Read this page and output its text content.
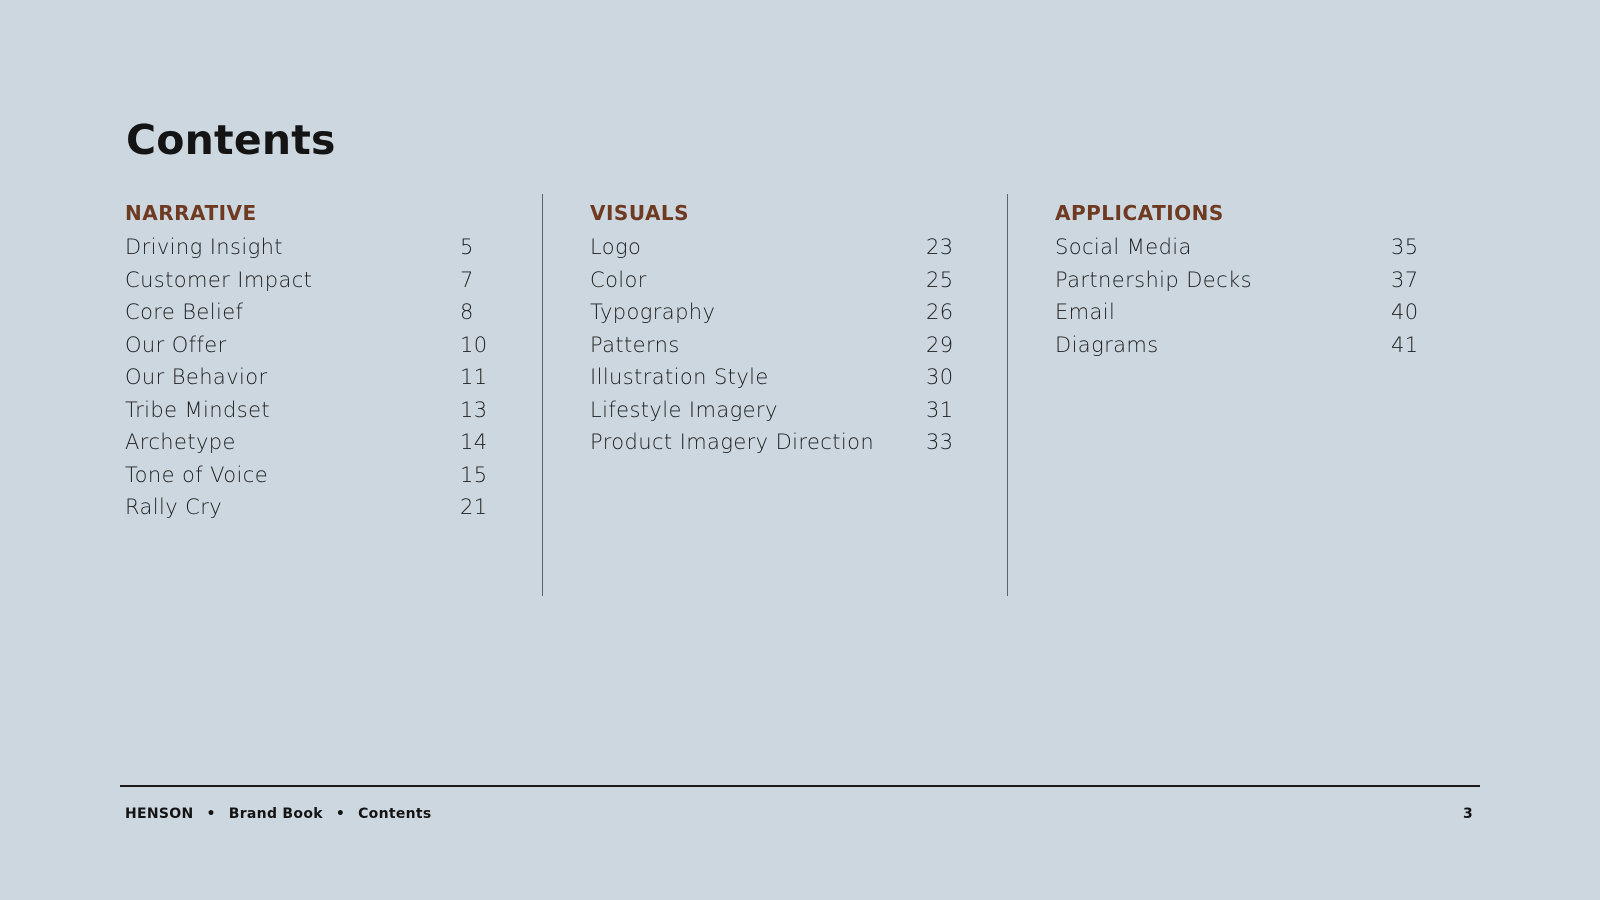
Contents
NARRATIVE
Driving Insight	5
Customer Impact	7
Core Belief	8
Our Offer	10
Our Behavior	11
Tribe Mindset	13
Archetype	14
Tone of Voice	15
Rally Cry	21
VISUALS
Logo	23
Color	25
Typography	26
Patterns	29
Illustration Style	30
Lifestyle Imagery	31
Product Imagery Direction 33
APPLICATIONS
Social Media	35
Partnership Decks	37
Email	40
Diagrams	41
HENSON • Brand Book • Contents	3
